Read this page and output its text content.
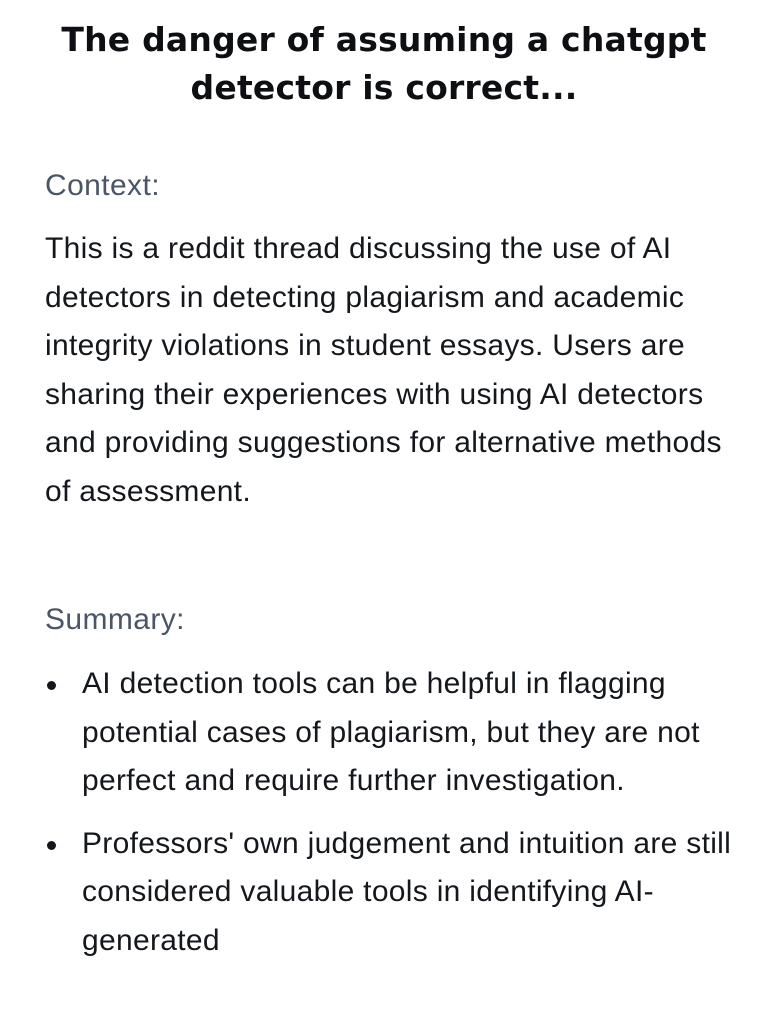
The danger of assuming a chatgpt detector is correct...
Context:

This is a reddit thread discussing the use of AI detectors in detecting plagiarism and academic integrity violations in student essays. Users are sharing their experiences with using AI detectors and providing suggestions for alternative methods of assessment.

Summary:
AI detection tools can be helpful in flagging potential cases of plagiarism, but they are not perfect and require further investigation.
Professors' own judgement and intuition are still considered valuable tools in identifying AI-generated
